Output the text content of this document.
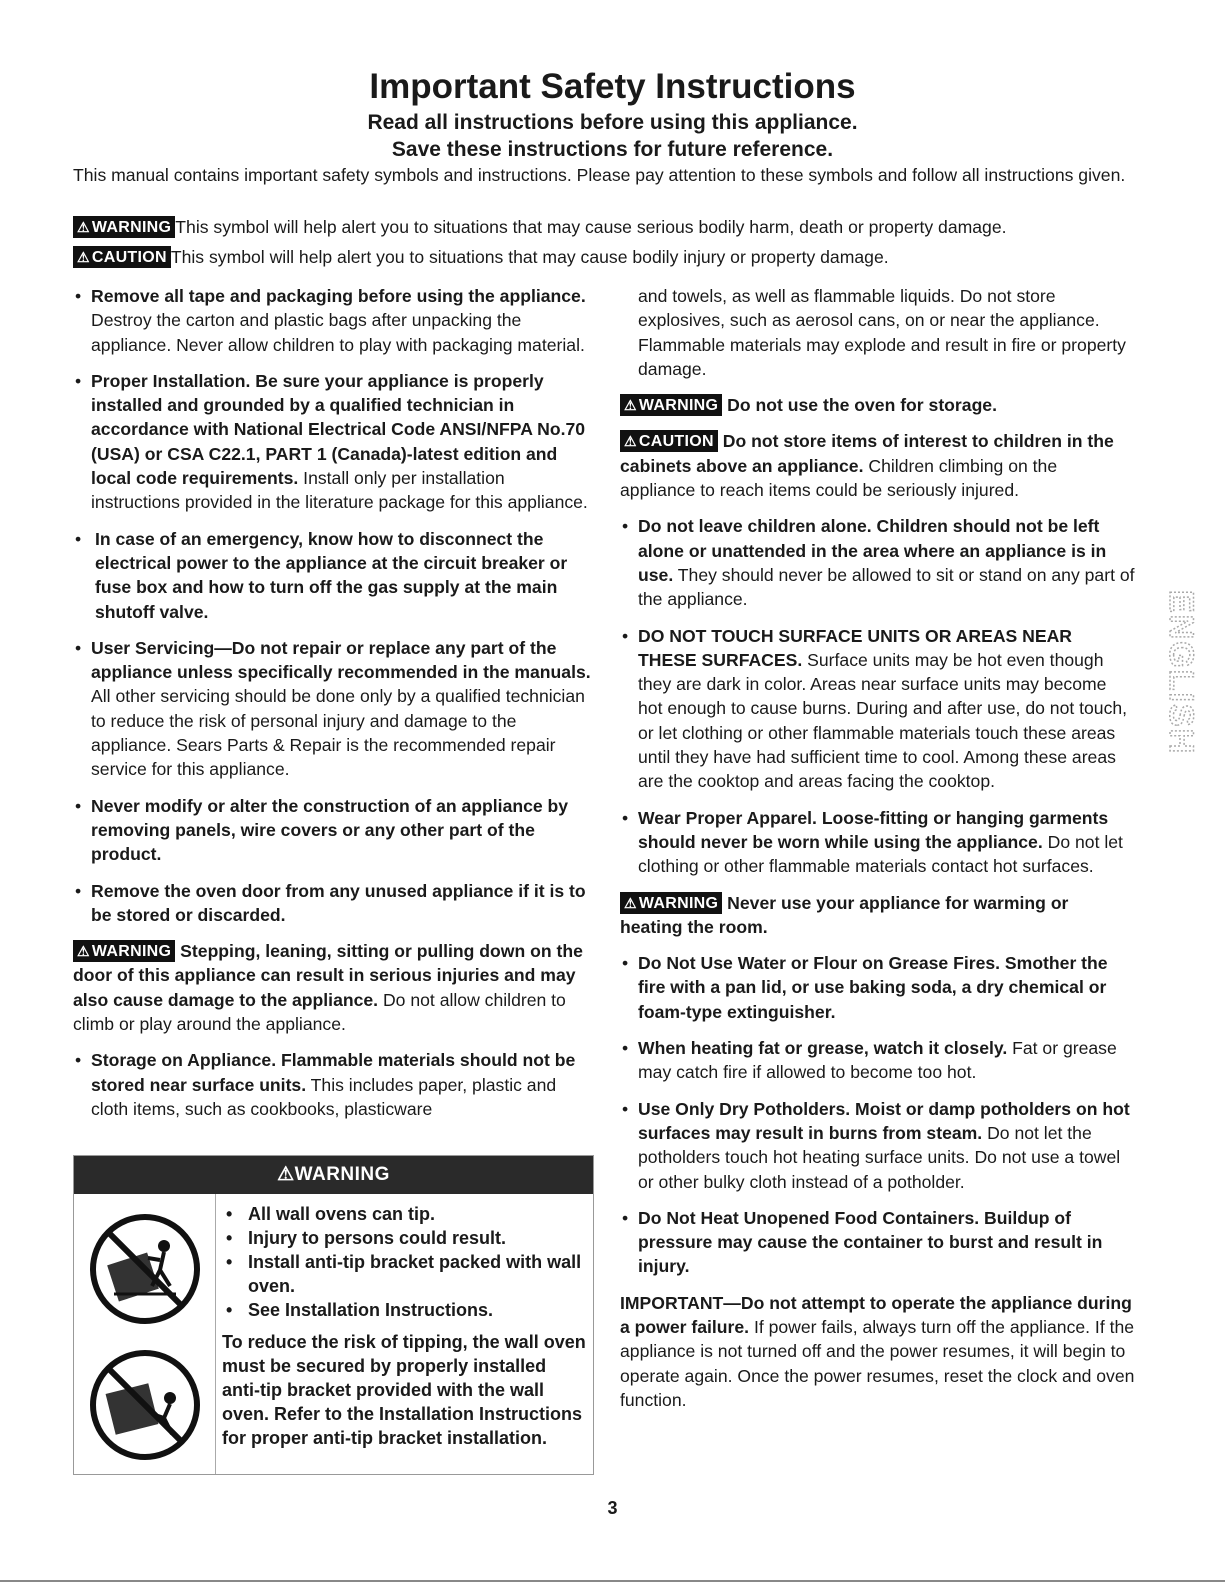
Important Safety Instructions
Read all instructions before using this appliance.
Save these instructions for future reference.
This manual contains important safety symbols and instructions. Please pay attention to these symbols and follow all instructions given.
⚠ WARNING This symbol will help alert you to situations that may cause serious bodily harm, death or property damage.
⚠ CAUTION This symbol will help alert you to situations that may cause bodily injury or property damage.
• Remove all tape and packaging before using the appliance. Destroy the carton and plastic bags after unpacking the appliance. Never allow children to play with packaging material.
• Proper Installation. Be sure your appliance is properly installed and grounded by a qualified technician in accordance with National Electrical Code ANSI/NFPA No.70 (USA) or CSA C22.1, PART 1 (Canada)-latest edition and local code requirements. Install only per installation instructions provided in the literature package for this appliance.
• In case of an emergency, know how to disconnect the electrical power to the appliance at the circuit breaker or fuse box and how to turn off the gas supply at the main shutoff valve.
• User Servicing—Do not repair or replace any part of the appliance unless specifically recommended in the manuals. All other servicing should be done only by a qualified technician to reduce the risk of personal injury and damage to the appliance. Sears Parts & Repair is the recommended repair service for this appliance.
• Never modify or alter the construction of an appliance by removing panels, wire covers or any other part of the product.
• Remove the oven door from any unused appliance if it is to be stored or discarded.
⚠ WARNING Stepping, leaning, sitting or pulling down on the door of this appliance can result in serious injuries and may also cause damage to the appliance. Do not allow children to climb or play around the appliance.
• Storage on Appliance. Flammable materials should not be stored near surface units. This includes paper, plastic and cloth items, such as cookbooks, plasticware
⚠WARNING
• All wall ovens can tip.
• Injury to persons could result.
• Install anti-tip bracket packed with wall oven.
• See Installation Instructions.
To reduce the risk of tipping, the wall oven must be secured by properly installed anti-tip bracket provided with the wall oven. Refer to the Installation Instructions for proper anti-tip bracket installation.
and towels, as well as flammable liquids. Do not store explosives, such as aerosol cans, on or near the appliance. Flammable materials may explode and result in fire or property damage.
⚠ WARNING Do not use the oven for storage.
⚠ CAUTION Do not store items of interest to children in the cabinets above an appliance. Children climbing on the appliance to reach items could be seriously injured.
• Do not leave children alone. Children should not be left alone or unattended in the area where an appliance is in use. They should never be allowed to sit or stand on any part of the appliance.
• DO NOT TOUCH SURFACE UNITS OR AREAS NEAR THESE SURFACES. Surface units may be hot even though they are dark in color. Areas near surface units may become hot enough to cause burns. During and after use, do not touch, or let clothing or other flammable materials touch these areas until they have had sufficient time to cool. Among these areas are the cooktop and areas facing the cooktop.
• Wear Proper Apparel. Loose-fitting or hanging garments should never be worn while using the appliance. Do not let clothing or other flammable materials contact hot surfaces.
⚠ WARNING Never use your appliance for warming or heating the room.
• Do Not Use Water or Flour on Grease Fires. Smother the fire with a pan lid, or use baking soda, a dry chemical or foam-type extinguisher.
• When heating fat or grease, watch it closely. Fat or grease may catch fire if allowed to become too hot.
• Use Only Dry Potholders. Moist or damp potholders on hot surfaces may result in burns from steam. Do not let the potholders touch hot heating surface units. Do not use a towel or other bulky cloth instead of a potholder.
• Do Not Heat Unopened Food Containers. Buildup of pressure may cause the container to burst and result in injury.
IMPORTANT—Do not attempt to operate the appliance during a power failure. If power fails, always turn off the appliance. If the appliance is not turned off and the power resumes, it will begin to operate again. Once the power resumes, reset the clock and oven function.
ENGLISH
3
